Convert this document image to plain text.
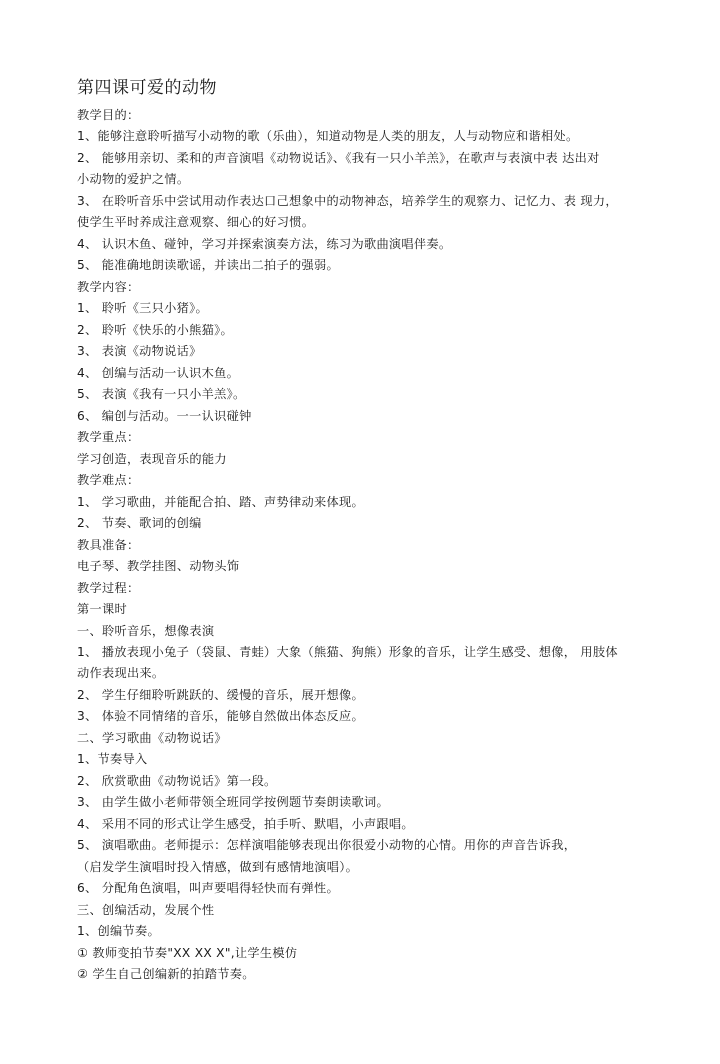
第四课可爱的动物
教学目的：
1、能够注意聆听描写小动物的歌（乐曲），知道动物是人类的朋友，人与动物应和谐相处。
2、 能够用亲切、柔和的声音演唱《动物说话》、《我有一只小羊羔》，在歌声与表演中表 达出对
小动物的爱护之情。
3、 在聆听音乐中尝试用动作表达口己想象中的动物神态，培养学生的观察力、记忆力、表 现力，
使学生平时养成注意观察、细心的好习惯。
4、 认识木鱼、碰钟，学习并探索演奏方法，练习为歌曲演唱伴奏。
5、 能准确地朗读歌谣，并读出二拍子的强弱。
教学内容：
1、 聆听《三只小猪》。
2、 聆听《快乐的小熊猫》。
3、 表演《动物说话》
4、 创编与活动一认识木鱼。
5、 表演《我有一只小羊羔》。
6、 编创与活动。一一认识碰钟
教学重点：
学习创造，表现音乐的能力
教学难点：
1、 学习歌曲，并能配合拍、踏、声势律动来体现。
2、 节奏、歌词的创编
教具准备：
电子琴、教学挂图、动物头饰
教学过程：
第一课时
一、聆听音乐，想像表演
1、 播放表现小兔子（袋鼠、青蛙）大象（熊猫、狗熊）形象的音乐，让学生感受、想像， 用肢体
动作表现出来。
2、 学生仔细聆听跳跃的、缓慢的音乐，展开想像。
3、 体验不同情绪的音乐，能够自然做出体态反应。
二、学习歌曲《动物说话》
1、节奏导入
2、 欣赏歌曲《动物说话》第一段。
3、 由学生做小老师带领全班同学按例题节奏朗读歌词。
4、 采用不同的形式让学生感受，拍手听、默唱，小声跟唱。
5、 演唱歌曲。老师提示：怎样演唱能够表现出你很爱小动物的心情。用你的声音告诉我，
（启发学生演唱时投入情感，做到有感情地演唱）。
6、 分配角色演唱，叫声要唱得轻快而有弹性。
三、创编活动，发展个性
1、创编节奏。
① 教师变拍节奏"XX XX X",让学生模仿
② 学生自己创编新的拍踏节奏。
